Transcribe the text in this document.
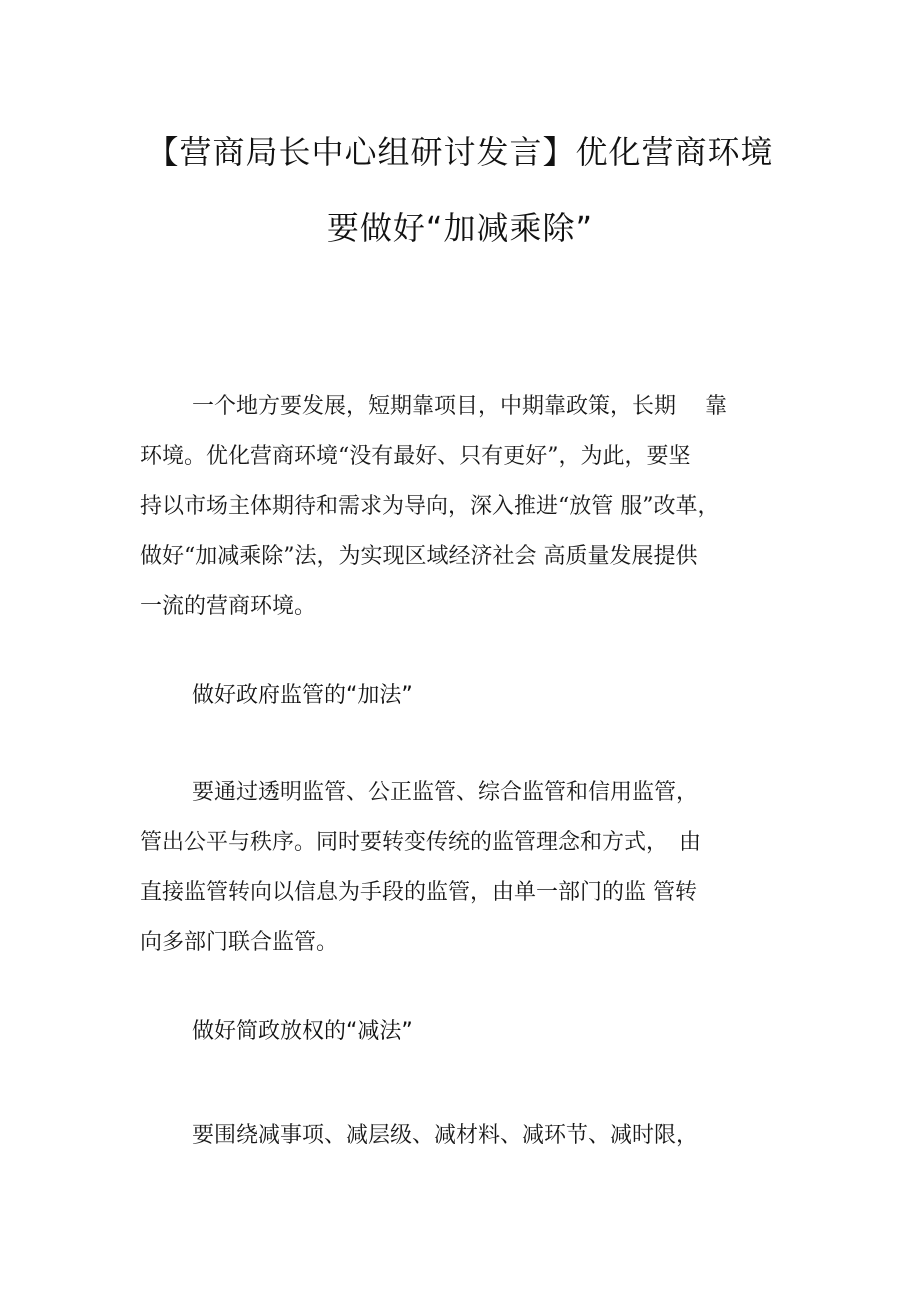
【营商局长中心组研讨发言】优化营商环境
要做好“加减乘除”
一个地方要发展，短期靠项目，中期靠政策，长期　 靠
环境。优化营商环境“没有最好、只有更好”，为此，要坚
持以市场主体期待和需求为导向，深入推进“放管 服”改革，
做好“加减乘除”法，为实现区域经济社会 高质量发展提供
一流的营商环境。
做好政府监管的“加法”
要通过透明监管、公正监管、综合监管和信用监管，
管出公平与秩序。同时要转变传统的监管理念和方式，　由
直接监管转向以信息为手段的监管，由单一部门的监 管转
向多部门联合监管。
做好简政放权的“减法”
要围绕减事项、减层级、减材料、减环节、减时限，
